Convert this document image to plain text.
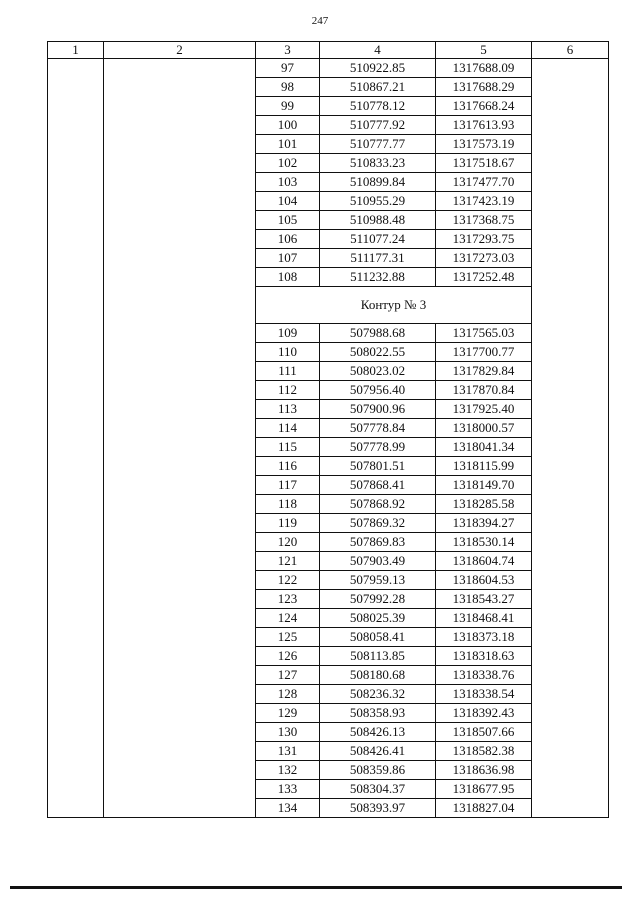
247
1	2	3	4	5	6
		97	510922.85	1317688.09	
		98	510867.21	1317688.29	
		99	510778.12	1317668.24	
		100	510777.92	1317613.93	
		101	510777.77	1317573.19	
		102	510833.23	1317518.67	
		103	510899.84	1317477.70	
		104	510955.29	1317423.19	
		105	510988.48	1317368.75	
		106	511077.24	1317293.75	
		107	511177.31	1317273.03	
		108	511232.88	1317252.48	
		Контур № 3			
		109	507988.68	1317565.03	
		110	508022.55	1317700.77	
		111	508023.02	1317829.84	
		112	507956.40	1317870.84	
		113	507900.96	1317925.40	
		114	507778.84	1318000.57	
		115	507778.99	1318041.34	
		116	507801.51	1318115.99	
		117	507868.41	1318149.70	
		118	507868.92	1318285.58	
		119	507869.32	1318394.27	
		120	507869.83	1318530.14	
		121	507903.49	1318604.74	
		122	507959.13	1318604.53	
		123	507992.28	1318543.27	
		124	508025.39	1318468.41	
		125	508058.41	1318373.18	
		126	508113.85	1318318.63	
		127	508180.68	1318338.76	
		128	508236.32	1318338.54	
		129	508358.93	1318392.43	
		130	508426.13	1318507.66	
		131	508426.41	1318582.38	
		132	508359.86	1318636.98	
		133	508304.37	1318677.95	
		134	508393.97	1318827.04	
